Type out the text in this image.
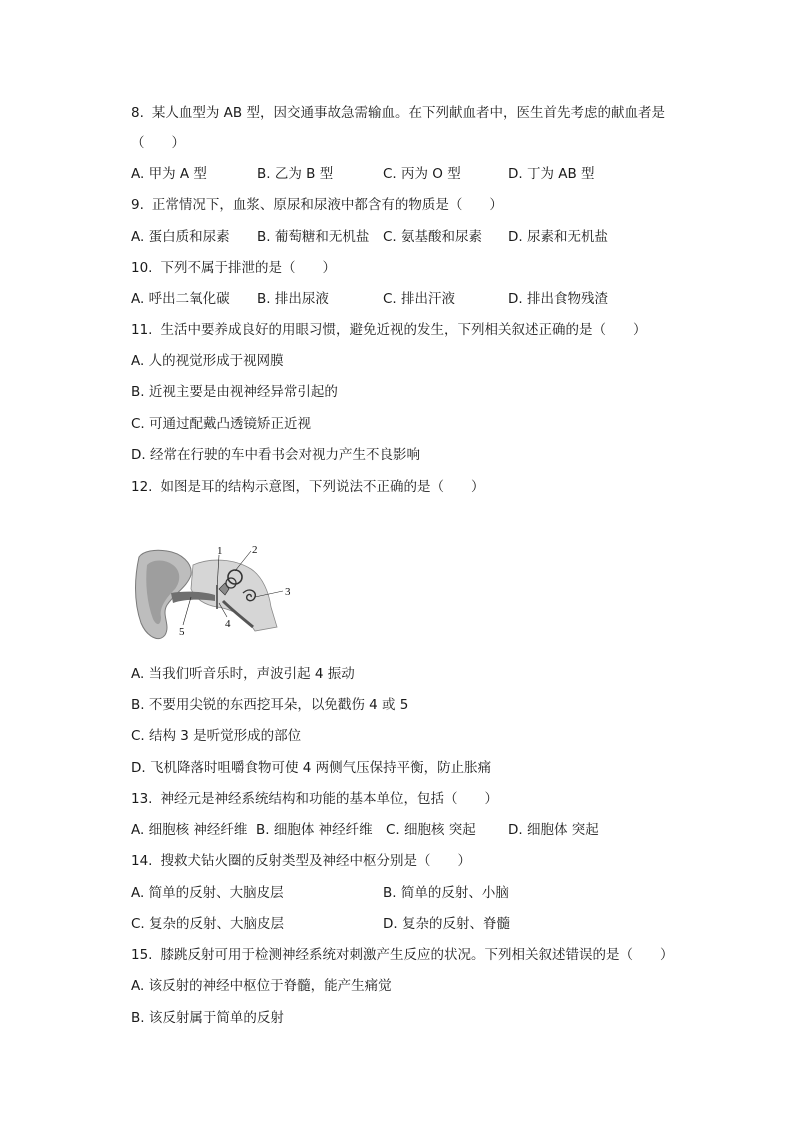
8. 某人血型为 AB 型，因交通事故急需输血。在下列献血者中，医生首先考虑的献血者是
（　　）
A. 甲为 A 型	B. 乙为 B 型	C. 丙为 O 型	D. 丁为 AB 型
9. 正常情况下，血浆、原尿和尿液中都含有的物质是（　　）
A. 蛋白质和尿素 B. 葡萄糖和无机盐 C. 氨基酸和尿素 D. 尿素和无机盐
10. 下列不属于排泄的是（　　）
A. 呼出二氧化碳 B. 排出尿液	C. 排出汗液	D. 排出食物残渣
11. 生活中要养成良好的用眼习惯，避免近视的发生，下列相关叙述正确的是（　　）
A. 人的视觉形成于视网膜
B. 近视主要是由视神经异常引起的
C. 可通过配戴凸透镜矫正近视
D. 经常在行驶的车中看书会对视力产生不良影响
12. 如图是耳的结构示意图，下列说法不正确的是（　　）
1	2
3
4
5
A. 当我们听音乐时，声波引起 4 振动
B. 不要用尖锐的东西挖耳朵，以免戳伤 4 或 5
C. 结构 3 是听觉形成的部位
D. 飞机降落时咀嚼食物可使 4 两侧气压保持平衡，防止胀痛
13. 神经元是神经系统结构和功能的基本单位，包括（　　）
A. 细胞核 神经纤维 B. 细胞体 神经纤维 C. 细胞核 突起 D. 细胞体 突起
14. 搜救犬钻火圈的反射类型及神经中枢分别是（　　）
A. 简单的反射、大脑皮层	B. 简单的反射、小脑
C. 复杂的反射、大脑皮层	D. 复杂的反射、脊髓
15. 膝跳反射可用于检测神经系统对刺激产生反应的状况。下列相关叙述错误的是（　　）
A. 该反射的神经中枢位于脊髓，能产生痛觉
B. 该反射属于简单的反射
